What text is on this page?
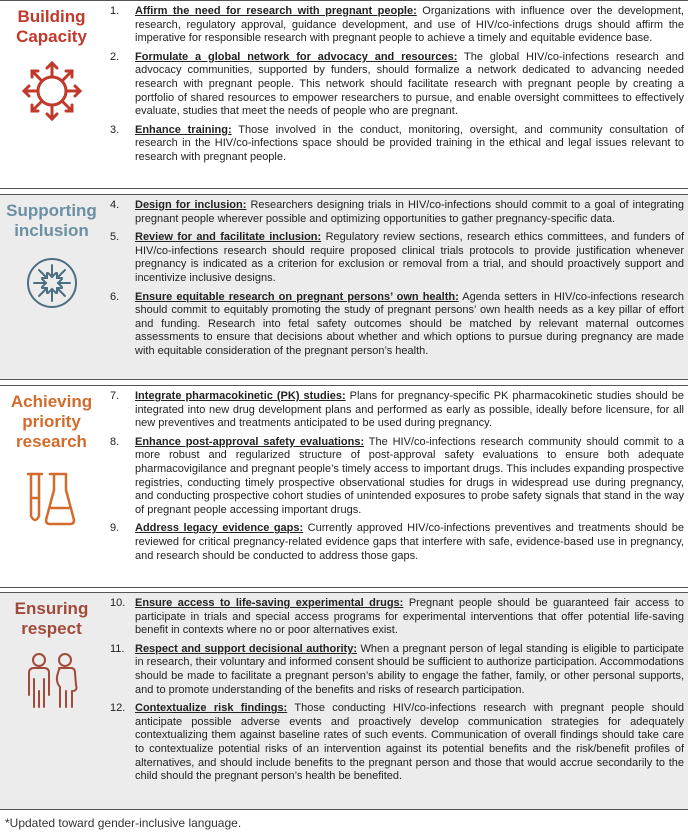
Building
Capacity
1. Affirm the need for research with pregnant people: Organizations with influence over the development, research, regulatory approval, guidance development, and use of HIV/co-infections drugs should affirm the imperative for responsible research with pregnant people to achieve a timely and equitable evidence base.
2. Formulate a global network for advocacy and resources: The global HIV/co-infections research and advocacy communities, supported by funders, should formalize a network dedicated to advancing needed research with pregnant people. This network should facilitate research with pregnant people by creating a portfolio of shared resources to empower researchers to pursue, and enable oversight committees to effectively evaluate, studies that meet the needs of people who are pregnant.
3. Enhance training: Those involved in the conduct, monitoring, oversight, and community consultation of research in the HIV/co-infections space should be provided training in the ethical and legal issues relevant to research with pregnant people.
Supporting
inclusion
4. Design for inclusion: Researchers designing trials in HIV/co-infections should commit to a goal of integrating pregnant people wherever possible and optimizing opportunities to gather pregnancy-specific data.
5. Review for and facilitate inclusion: Regulatory review sections, research ethics committees, and funders of HIV/co-infections research should require proposed clinical trials protocols to provide justification whenever pregnancy is indicated as a criterion for exclusion or removal from a trial, and should proactively support and incentivize inclusive designs.
6. Ensure equitable research on pregnant persons’ own health: Agenda setters in HIV/co-infections research should commit to equitably promoting the study of pregnant persons’ own health needs as a key pillar of effort and funding. Research into fetal safety outcomes should be matched by relevant maternal outcomes assessments to ensure that decisions about whether and which options to pursue during pregnancy are made with equitable consideration of the pregnant person’s health.
Achieving
priority
research
7. Integrate pharmacokinetic (PK) studies: Plans for pregnancy-specific PK pharmacokinetic studies should be integrated into new drug development plans and performed as early as possible, ideally before licensure, for all new preventives and treatments anticipated to be used during pregnancy.
8. Enhance post-approval safety evaluations: The HIV/co-infections research community should commit to a more robust and regularized structure of post-approval safety evaluations to ensure both adequate pharmacovigilance and pregnant people’s timely access to important drugs. This includes expanding prospective registries, conducting timely prospective observational studies for drugs in widespread use during pregnancy, and conducting prospective cohort studies of unintended exposures to probe safety signals that stand in the way of pregnant people accessing important drugs.
9. Address legacy evidence gaps: Currently approved HIV/co-infections preventives and treatments should be reviewed for critical pregnancy-related evidence gaps that interfere with safe, evidence-based use in pregnancy, and research should be conducted to address those gaps.
Ensuring
respect
10. Ensure access to life-saving experimental drugs: Pregnant people should be guaranteed fair access to participate in trials and special access programs for experimental interventions that offer potential life-saving benefit in contexts where no or poor alternatives exist.
11. Respect and support decisional authority: When a pregnant person of legal standing is eligible to participate in research, their voluntary and informed consent should be sufficient to authorize participation. Accommodations should be made to facilitate a pregnant person’s ability to engage the father, family, or other personal supports, and to promote understanding of the benefits and risks of research participation.
12. Contextualize risk findings: Those conducting HIV/co-infections research with pregnant people should anticipate possible adverse events and proactively develop communication strategies for adequately contextualizing them against baseline rates of such events. Communication of overall findings should take care to contextualize potential risks of an intervention against its potential benefits and the risk/benefit profiles of alternatives, and should include benefits to the pregnant person and those that would accrue secondarily to the child should the pregnant person’s health be benefited.
*Updated toward gender-inclusive language.
